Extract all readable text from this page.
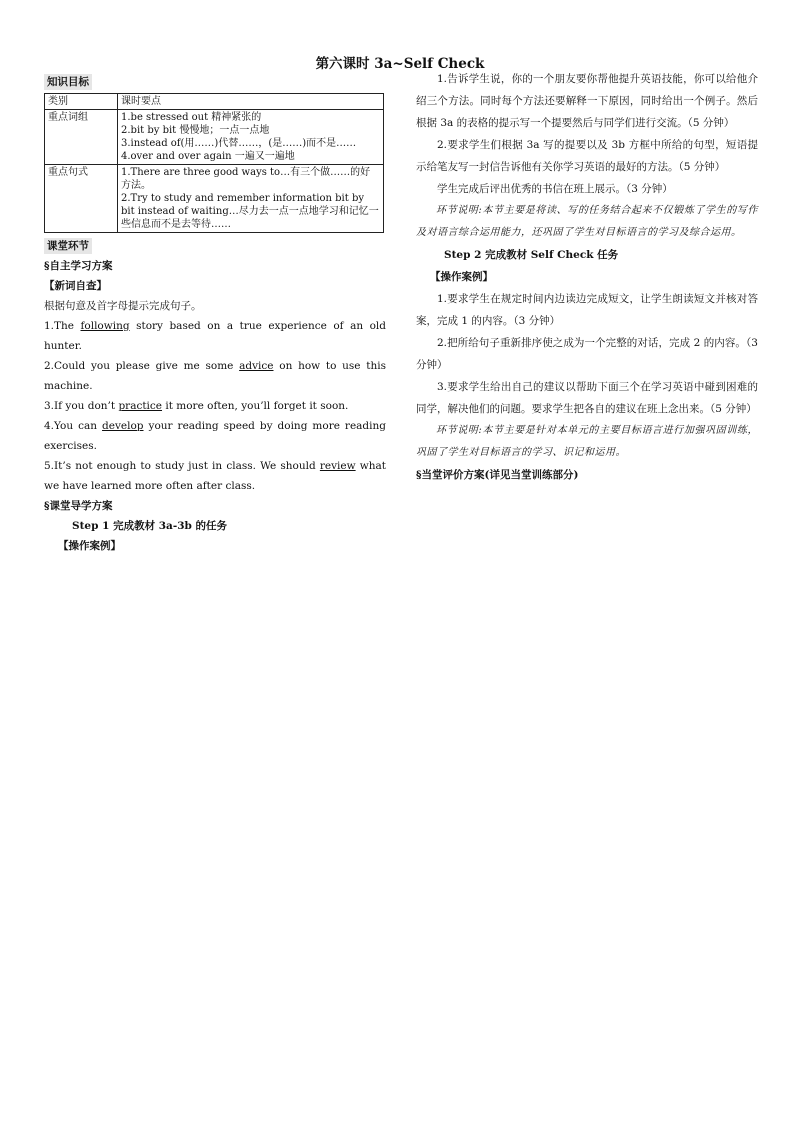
第六课时 3a~Self Check
知识目标
类别	课时要点
重点词组	1.be stressed out 精神紧张的
2.bit by bit 慢慢地；一点一点地
3.instead of(用……)代替……，(是……)而不是……
4.over and over again 一遍又一遍地

重点句式	1.There are three good ways to…有三个做……的好方法。
2.Try to study and remember information bit by bit instead of waiting…尽力去一点一点地学习和记忆一些信息而不是去等待……
课堂环节
§自主学习方案
【新词自查】
根据句意及首字母提示完成句子。
1.The following story based on a true experience of an old hunter.
2.Could you please give me some advice on how to use this machine.
3.If you don’t practice it more often, you’ll forget it soon.
4.You can develop your reading speed by doing more reading exercises.
5.It’s not enough to study just in class. We should review what we have learned more often after class.
§课堂导学方案
Step 1 完成教材 3a-3b 的任务
【操作案例】

1.告诉学生说，你的一个朋友要你帮他提升英语技能，你可以给他介绍三个方法。同时每个方法还要解释一下原因，同时给出一个例子。然后根据 3a 的表格的提示写一个提要然后与同学们进行交流。（5 分钟）

2.要求学生们根据 3a 写的提要以及 3b 方框中所给的句型，短语提示给笔友写一封信告诉他有关你学习英语的最好的方法。（5 分钟）

学生完成后评出优秀的书信在班上展示。（3 分钟）

环节说明:本节主要是将读、写的任务结合起来不仅锻炼了学生的写作及对语言综合运用能力，还巩固了学生对目标语言的学习及综合运用。

Step 2 完成教材 Self Check 任务
【操作案例】

1.要求学生在规定时间内边读边完成短文，让学生朗读短文并核对答案，完成 1 的内容。（3 分钟）

2.把所给句子重新排序使之成为一个完整的对话，完成 2 的内容。（3 分钟）

3.要求学生给出自己的建议以帮助下面三个在学习英语中碰到困难的同学，解决他们的问题。要求学生把各自的建议在班上念出来。（5 分钟）

环节说明:本节主要是针对本单元的主要目标语言进行加强巩固训练，巩固了学生对目标语言的学习、识记和运用。

§当堂评价方案(详见当堂训练部分)
